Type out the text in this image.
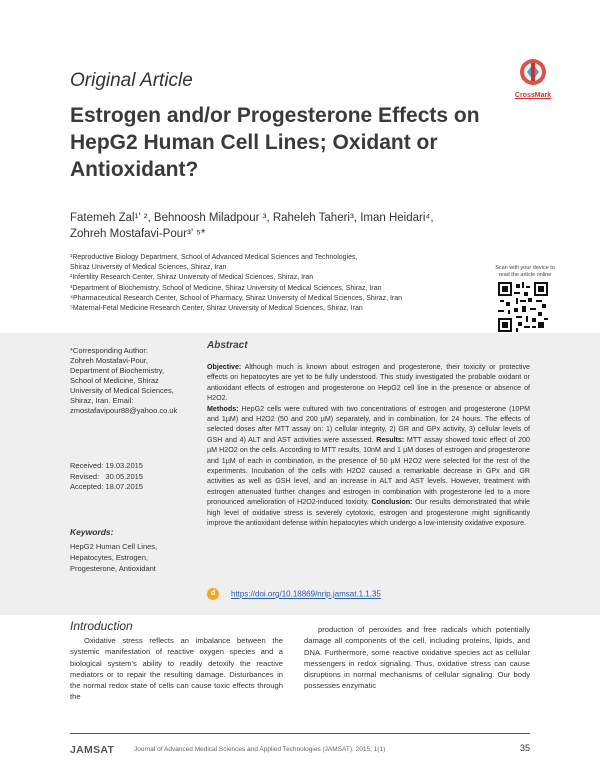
Original Article
Estrogen and/or Progesterone Effects on HepG2 Human Cell Lines; Oxidant or Antioxidant?
CrossMark
Fatemeh Zal¹’ ², Behnoosh Miladpour ³, Raheleh Taheri³, Iman Heidari⁴,
Zohreh Mostafavi-Pour³’ ⁵*
¹Reproductive Biology Department, School of Advanced Medical Sciences and Technologies,
Shiraz University of Medical Sciences, Shiraz, Iran
²Infertility Research Center, Shiraz University of Medical Sciences, Shiraz, Iran
³Department of Biochemistry, School of Medicine, Shiraz University of Medical Sciences, Shiraz, Iran
⁴Pharmaceutical Research Center, School of Pharmacy, Shiraz University of Medical Sciences, Shiraz, Iran
⁵Maternal-Fetal Medicine Research Center, Shiraz University of Medical Sciences, Shiraz, Iran
Scan with your device to read the article online
*Corresponding Author:
Zohreh Mostafavi-Pour,
Department of Biochemistry,
School of Medicine, Shiraz
University of Medical Sciences,
Shiraz, Iran. Email:
zmostafavipour88@yahoo.co.uk
Received: 19.03.2015
Revised:   30.05.2015
Accepted: 18.07.2015
Keywords:
HepG2 Human Cell Lines,
Hepatocytes, Estrogen,
Progesterone, Antioxidant
Abstract
Objective: Although much is known about estrogen and progesterone, their toxicity or protective effects on hepatocytes are yet to be fully understood. This study investigated the probable oxidant or antioxidant effects of estrogen and progesterone on HepG2 cell line in the presence or absence of H2O2.
Methods: HepG2 cells were cultured with two concentrations of estrogen and progesterone (10PM and 1µM) and H2O2 (50 and 200 µM) separately, and in combination, for 24 hours. The effects of selected doses after MTT assay on: 1) cellular integrity, 2) GR and GPx activity, 3) cellular levels of GSH and 4) ALT and AST activities were assessed. Results: MTT assay showed toxic effect of 200 µM H2O2 on the cells. According to MTT results, 10nM and 1 µM doses of estrogen and progesterone and 1µM of each in combination, in the presence of 50 µM H2O2 were selected for the rest of the experiments. Incubation of the cells with H2O2 caused a remarkable decrease in GPx and GR activities as well as GSH level, and an increase in ALT and AST levels. However, treatment with estrogen attenuated further changes and estrogen in combination with progesterone led to a more pronounced amelioration of H2O2-induced toxicity. Conclusion: Our results demonstrated that while high level of oxidative stress is severely cytotoxic, estrogen and progesterone might significantly improve the antioxidant defense within hepatocytes which undergo a low-intensity oxidative exposure.
d https://doi.org/10.18869/nrip.jamsat.1.1.35
Introduction
Oxidative stress reflects an imbalance between the systemic manifestation of reactive oxygen species and a biological system's ability to readily detoxify the reactive mediators or to repair the resulting damage. Disturbances in the normal redox state of cells can cause toxic effects through the
production of peroxides and free radicals which potentially damage all components of the cell, including proteins, lipids, and DNA. Furthermore, some reactive oxidative species act as cellular messengers in redox signaling. Thus, oxidative stress can cause disruptions in normal mechanisms of cellular signaling. Our body possesses enzymatic
JAMSAT	Journal of Advanced Medical Sciences and Applied Technologies (JAMSAT). 2015; 1(1)	35
